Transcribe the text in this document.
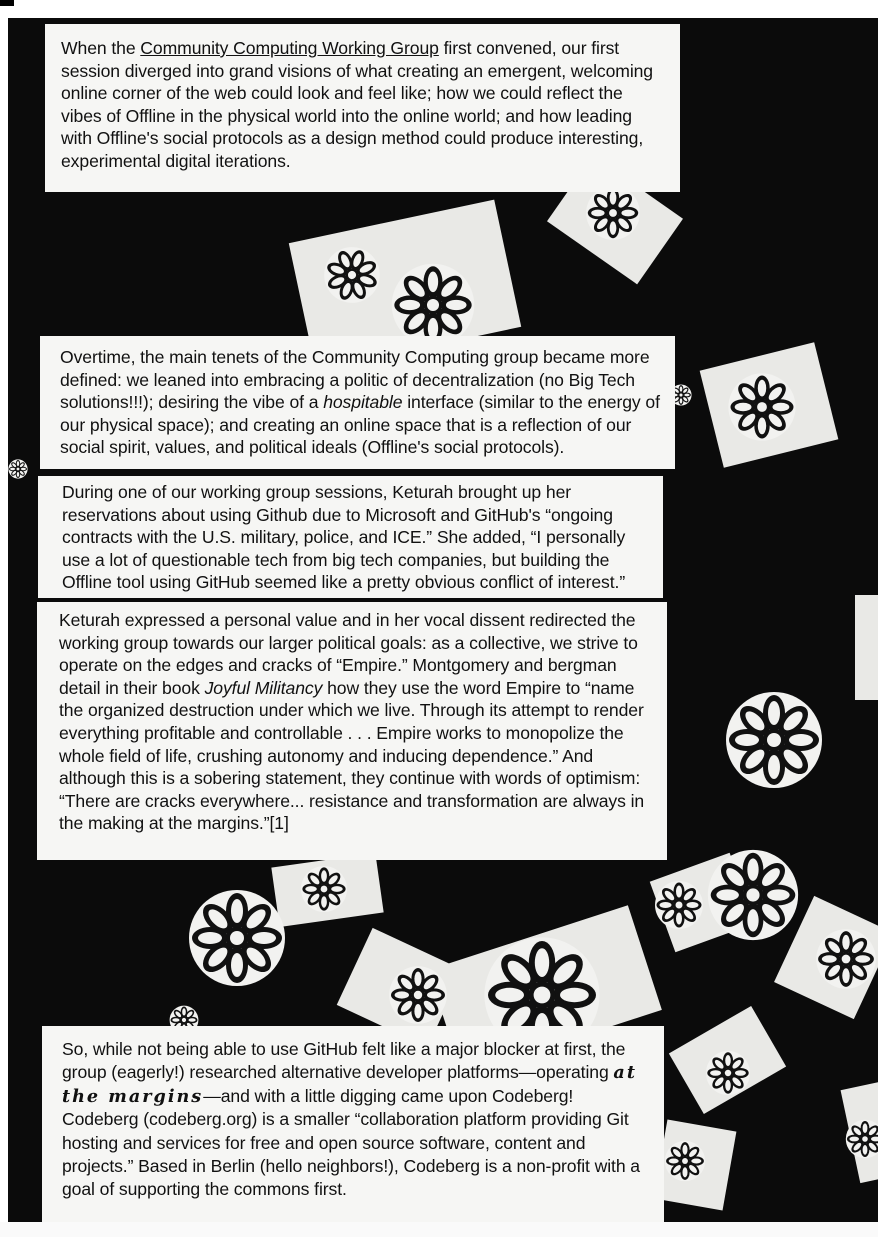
When the Community Computing Working Group first convened, our first session diverged into grand visions of what creating an emergent, welcoming online corner of the web could look and feel like; how we could reflect the vibes of Offline in the physical world into the online world; and how leading with Offline's social protocols as a design method could produce interesting, experimental digital iterations.

Overtime, the main tenets of the Community Computing group became more defined: we leaned into embracing a politic of decentralization (no Big Tech solutions!!!); desiring the vibe of a hospitable interface (similar to the energy of our physical space); and creating an online space that is a reflection of our social spirit, values, and political ideals (Offline's social protocols).

During one of our working group sessions, Keturah brought up her reservations about using Github due to Microsoft and GitHub's “ongoing contracts with the U.S. military, police, and ICE.” She added, “I personally use a lot of questionable tech from big tech companies, but building the Offline tool using GitHub seemed like a pretty obvious conflict of interest.”

Keturah expressed a personal value and in her vocal dissent redirected the working group towards our larger political goals: as a collective, we strive to operate on the edges and cracks of “Empire.” Montgomery and bergman detail in their book Joyful Militancy how they use the word Empire to “name the organized destruction under which we live. Through its attempt to render everything profitable and controllable . . . Empire works to monopolize the whole field of life, crushing autonomy and inducing dependence.” And although this is a sobering statement, they continue with words of optimism: “There are cracks everywhere... resistance and transformation are always in the making at the margins.”[1]

So, while not being able to use GitHub felt like a major blocker at first, the group (eagerly!) researched alternative developer platforms—operating at the margins—and with a little digging came upon Codeberg!

Codeberg (codeberg.org) is a smaller “collaboration platform providing Git hosting and services for free and open source software, content and projects.” Based in Berlin (hello neighbors!), Codeberg is a non-profit with a goal of supporting the commons first.
